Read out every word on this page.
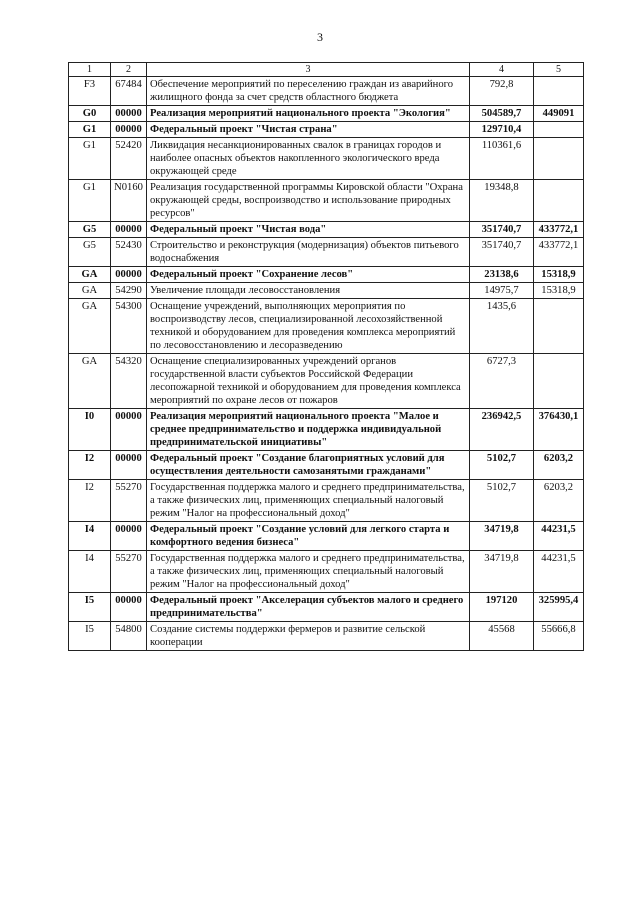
3
1	2	3	4	5
F3	67484	Обеспечение мероприятий по переселению граждан из аварийного жилищного фонда за счет средств областного бюджета	792,8	
G0	00000	Реализация мероприятий национального проекта "Экология"	504589,7	449091
G1	00000	Федеральный проект "Чистая страна"	129710,4	
G1	52420	Ликвидация несанкционированных свалок в границах городов и наиболее опасных объектов накопленного экологического вреда окружающей среде	110361,6	
G1	N0160	Реализация государственной программы Кировской области "Охрана окружающей среды, воспроизводство и использование природных ресурсов"	19348,8	
G5	00000	Федеральный проект "Чистая вода"	351740,7	433772,1
G5	52430	Строительство и реконструкция (модернизация) объектов питьевого водоснабжения	351740,7	433772,1
GA	00000	Федеральный проект "Сохранение лесов"	23138,6	15318,9
GA	54290	Увеличение площади лесовосстановления	14975,7	15318,9
GA	54300	Оснащение учреждений, выполняющих мероприятия по воспроизводству лесов, специализированной лесохозяйственной техникой и оборудованием для проведения комплекса мероприятий по лесовосстановлению и лесоразведению	1435,6	
GA	54320	Оснащение специализированных учреждений органов государственной власти субъектов Российской Федерации лесопожарной техникой и оборудованием для проведения комплекса мероприятий по охране лесов от пожаров	6727,3	
I0	00000	Реализация мероприятий национального проекта "Малое и среднее предпринимательство и поддержка индивидуальной предпринимательской инициативы"	236942,5	376430,1
I2	00000	Федеральный проект "Создание благоприятных условий для осуществления деятельности самозанятыми гражданами"	5102,7	6203,2
I2	55270	Государственная поддержка малого и среднего предпринимательства, а также физических лиц, применяющих специальный налоговый режим "Налог на профессиональный доход"	5102,7	6203,2
I4	00000	Федеральный проект "Создание условий для легкого старта и комфортного ведения бизнеса"	34719,8	44231,5
I4	55270	Государственная поддержка малого и среднего предпринимательства, а также физических лиц, применяющих специальный налоговый режим "Налог на профессиональный доход"	34719,8	44231,5
I5	00000	Федеральный проект "Акселерация субъектов малого и среднего предпринимательства"	197120	325995,4
I5	54800	Создание системы поддержки фермеров и развитие сельской кооперации	45568	55666,8
